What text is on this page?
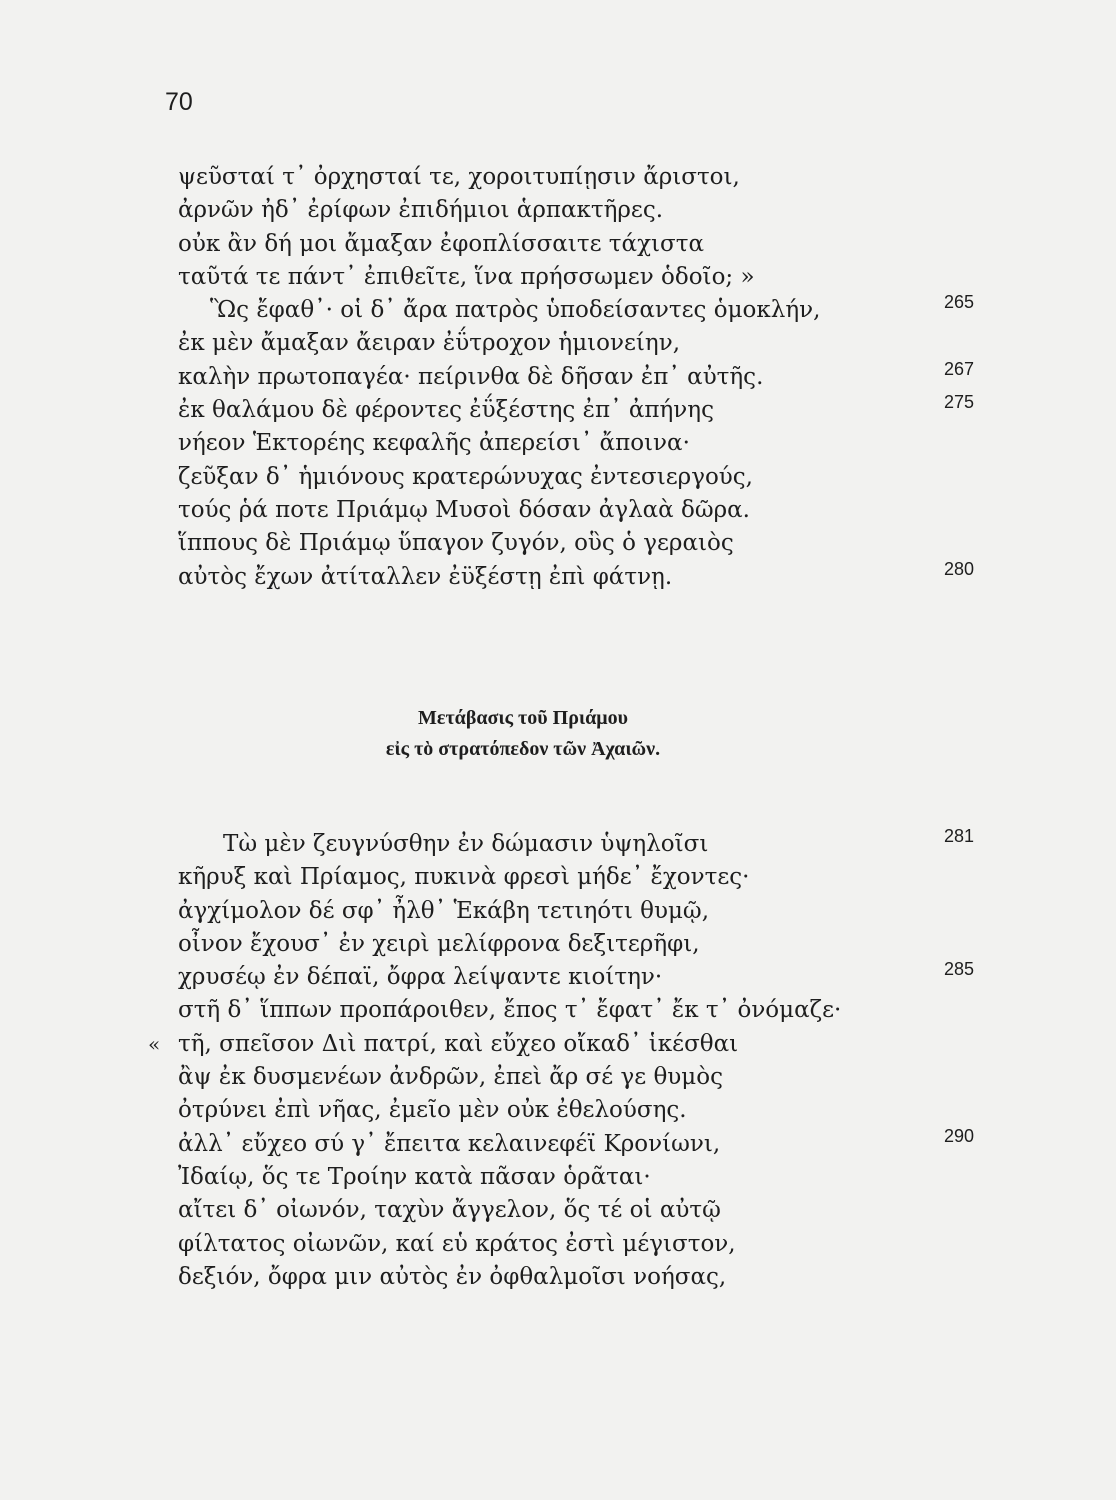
70
ψεῦσταί τ᾽ ὀρχησταί τε, χοροιτυπίῃσιν ἄριστοι,
ἀρνῶν ἠδ᾽ ἐρίφων ἐπιδήμιοι ἁρπακτῆρες.
οὐκ ἂν δή μοι ἄμαξαν ἐφοπλίσσαιτε τάχιστα
ταῦτά τε πάντ᾽ ἐπιθεῖτε, ἵνα πρήσσωμεν ὁδοῖο; »
Ὣς ἔφαθ᾽· οἱ δ᾽ ἄρα πατρὸς ὑποδείσαντες ὁμοκλήν,	265
ἐκ μὲν ἄμαξαν ἄειραν ἐΰτροχον ἡμιονείην,
καλὴν πρωτοπαγέα· πείρινθα δὲ δῆσαν ἐπ᾽ αὐτῆς.	267
ἐκ θαλάμου δὲ φέροντες ἐΰξέστης ἐπ᾽ ἀπήνης	275
νήεον Ἑκτορέης κεφαλῆς ἀπερείσι᾽ ἄποινα·
ζεῦξαν δ᾽ ἡμιόνους κρατερώνυχας ἐντεσιεργούς,
τούς ῥά ποτε Πριάμῳ Μυσοὶ δόσαν ἀγλαὰ δῶρα.
ἵππους δὲ Πριάμῳ ὕπαγον ζυγόν, οὓς ὁ γεραιὸς
αὐτὸς ἔχων ἀτίταλλεν ἐϋξέστῃ ἐπὶ φάτνῃ.	280
Μετάβασις τοῦ Πριάμου
εἰς τὸ στρατόπεδον τῶν Ἀχαιῶν.
Τὼ μὲν ζευγνύσθην ἐν δώμασιν ὑψηλοῖσι	281
κῆρυξ καὶ Πρίαμος, πυκινὰ φρεσὶ μήδε᾽ ἔχοντες·
ἀγχίμολον δέ σφ᾽ ἦλθ᾽ Ἑκάβη τετιηότι θυμῷ,
οἶνον ἔχουσ᾽ ἐν χειρὶ μελίφρονα δεξιτερῆφι,
χρυσέῳ ἐν δέπαϊ, ὄφρα λείψαντε κιοίτην·	285
στῆ δ᾽ ἵππων προπάροιθεν, ἔπος τ᾽ ἔφατ᾽ ἔκ τ᾽ ὀνόμαζε·
« τῆ, σπεῖσον Διὶ πατρί, καὶ εὔχεο οἴκαδ᾽ ἱκέσθαι
ἂψ ἐκ δυσμενέων ἀνδρῶν, ἐπεὶ ἄρ σέ γε θυμὸς
ὀτρύνει ἐπὶ νῆας, ἐμεῖο μὲν οὐκ ἐθελούσης.
ἀλλ᾽ εὔχεο σύ γ᾽ ἔπειτα κελαινεφέϊ Κρονίωνι,	290
Ἰδαίῳ, ὅς τε Τροίην κατὰ πᾶσαν ὁρᾶται·
αἴτει δ᾽ οἰωνόν, ταχὺν ἄγγελον, ὅς τέ οἱ αὐτῷ
φίλτατος οἰωνῶν, καί εὑ κράτος ἐστὶ μέγιστον,
δεξιόν, ὄφρα μιν αὐτὸς ἐν ὀφθαλμοῖσι νοήσας,
